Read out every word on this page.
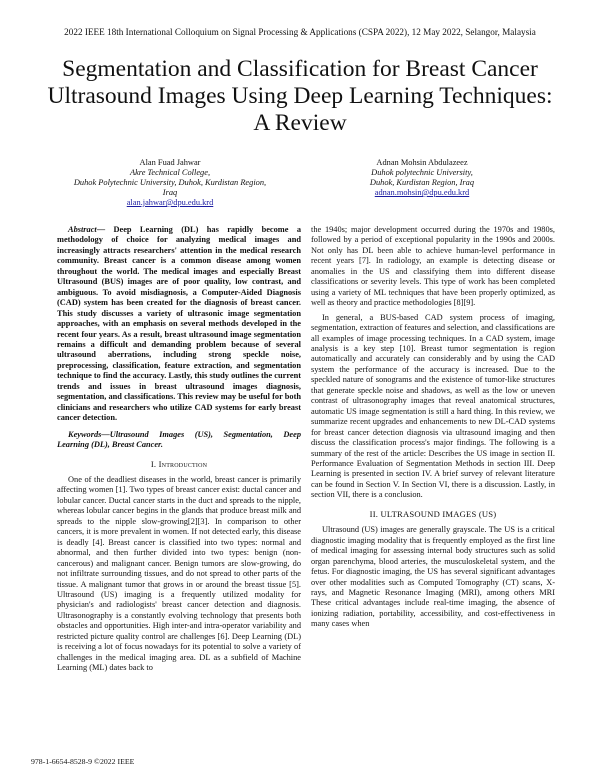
2022 IEEE 18th International Colloquium on Signal Processing & Applications (CSPA 2022), 12 May 2022, Selangor, Malaysia
Segmentation and Classification for Breast Cancer
Ultrasound Images Using Deep Learning Techniques:
A Review
Alan Fuad Jahwar
Akre Technical College,
Duhok Polytechnic University, Duhok, Kurdistan Region, Iraq
alan.jahwar@dpu.edu.krd
Adnan Mohsin Abdulazeez
Duhok polytechnic University,
Duhok, Kurdistan Region, Iraq
adnan.mohsin@dpu.edu.krd

Abstract— Deep Learning (DL) has rapidly become a methodology of choice for analyzing medical images and increasingly attracts researchers' attention in the medical research community. Breast cancer is a common disease among women throughout the world. The medical images and especially Breast Ultrasound (BUS) images are of poor quality, low contrast, and ambiguous. To avoid misdiagnosis, a Computer-Aided Diagnosis (CAD) system has been created for the diagnosis of breast cancer. This study discusses a variety of ultrasonic image segmentation approaches, with an emphasis on several methods developed in the recent four years. As a result, breast ultrasound image segmentation remains a difficult and demanding problem because of several ultrasound aberrations, including strong speckle noise, preprocessing, classification, feature extraction, and segmentation technique to find the accuracy. Lastly, this study outlines the current trends and issues in breast ultrasound images diagnosis, segmentation, and classifications. This review may be useful for both clinicians and researchers who utilize CAD systems for early breast cancer detection.

Keywords—Ultrasound Images (US), Segmentation, Deep Learning (DL), Breast Cancer.

I. Introduction

One of the deadliest diseases in the world, breast cancer is primarily affecting women [1]. Two types of breast cancer exist: ductal cancer and lobular cancer. Ductal cancer starts in the duct and spreads to the nipple, whereas lobular cancer begins in the glands that produce breast milk and spreads to the nipple slow-growing[2][3]. In comparison to other cancers, it is more prevalent in women. If not detected early, this disease is deadly [4]. Breast cancer is classified into two types: normal and abnormal, and then further divided into two types: benign (non-cancerous) and malignant cancer. Benign tumors are slow-growing, do not infiltrate surrounding tissues, and do not spread to other parts of the tissue. A malignant tumor that grows in or around the breast tissue [5]. Ultrasound (US) imaging is a frequently utilized modality for physician's and radiologists' breast cancer detection and diagnosis. Ultrasonography is a constantly evolving technology that presents both obstacles and opportunities. High inter-and intra-operator variability and restricted picture quality control are challenges [6]. Deep Learning (DL) is receiving a lot of focus nowadays for its potential to solve a variety of challenges in the medical imaging area. DL as a subfield of Machine Learning (ML) dates back to

the 1940s; major development occurred during the 1970s and 1980s, followed by a period of exceptional popularity in the 1990s and 2000s. Not only has DL been able to achieve human-level performance in recent years [7]. In radiology, an example is detecting disease or anomalies in the US and classifying them into different disease classifications or severity levels. This type of work has been completed using a variety of ML techniques that have been properly optimized, as well as theory and practice methodologies [8][9].

In general, a BUS-based CAD system process of imaging, segmentation, extraction of features and selection, and classifications are all examples of image processing techniques. In a CAD system, image analysis is a key step [10]. Breast tumor segmentation is region automatically and accurately can considerably and by using the CAD system the performance of the accuracy is increased. Due to the speckled nature of sonograms and the existence of tumor-like structures that generate speckle noise and shadows, as well as the low or uneven contrast of ultrasonography images that reveal anatomical structures, automatic US image segmentation is still a hard thing. In this review, we summarize recent upgrades and enhancements to new DL-CAD systems for breast cancer detection diagnosis via ultrasound imaging and then discuss the classification process's major findings. The following is a summary of the rest of the article: Describes the US image in section II. Performance Evaluation of Segmentation Methods in section III. Deep Learning is presented in section IV. A brief survey of relevant literature can be found in Section V. In Section VI, there is a discussion. Lastly, in section VII, there is a conclusion.

II. ULTRASOUND IMAGES (US)

Ultrasound (US) images are generally grayscale. The US is a critical diagnostic imaging modality that is frequently employed as the first line of medical imaging for assessing internal body structures such as solid organ parenchyma, blood arteries, the musculoskeletal system, and the fetus. For diagnostic imaging, the US has several significant advantages over other modalities such as Computed Tomography (CT) scans, X-rays, and Magnetic Resonance Imaging (MRI), among others MRI These critical advantages include real-time imaging, the absence of ionizing radiation, portability, accessibility, and cost-effectiveness in many cases when

978-1-6654-8528-9 ©2022 IEEE
